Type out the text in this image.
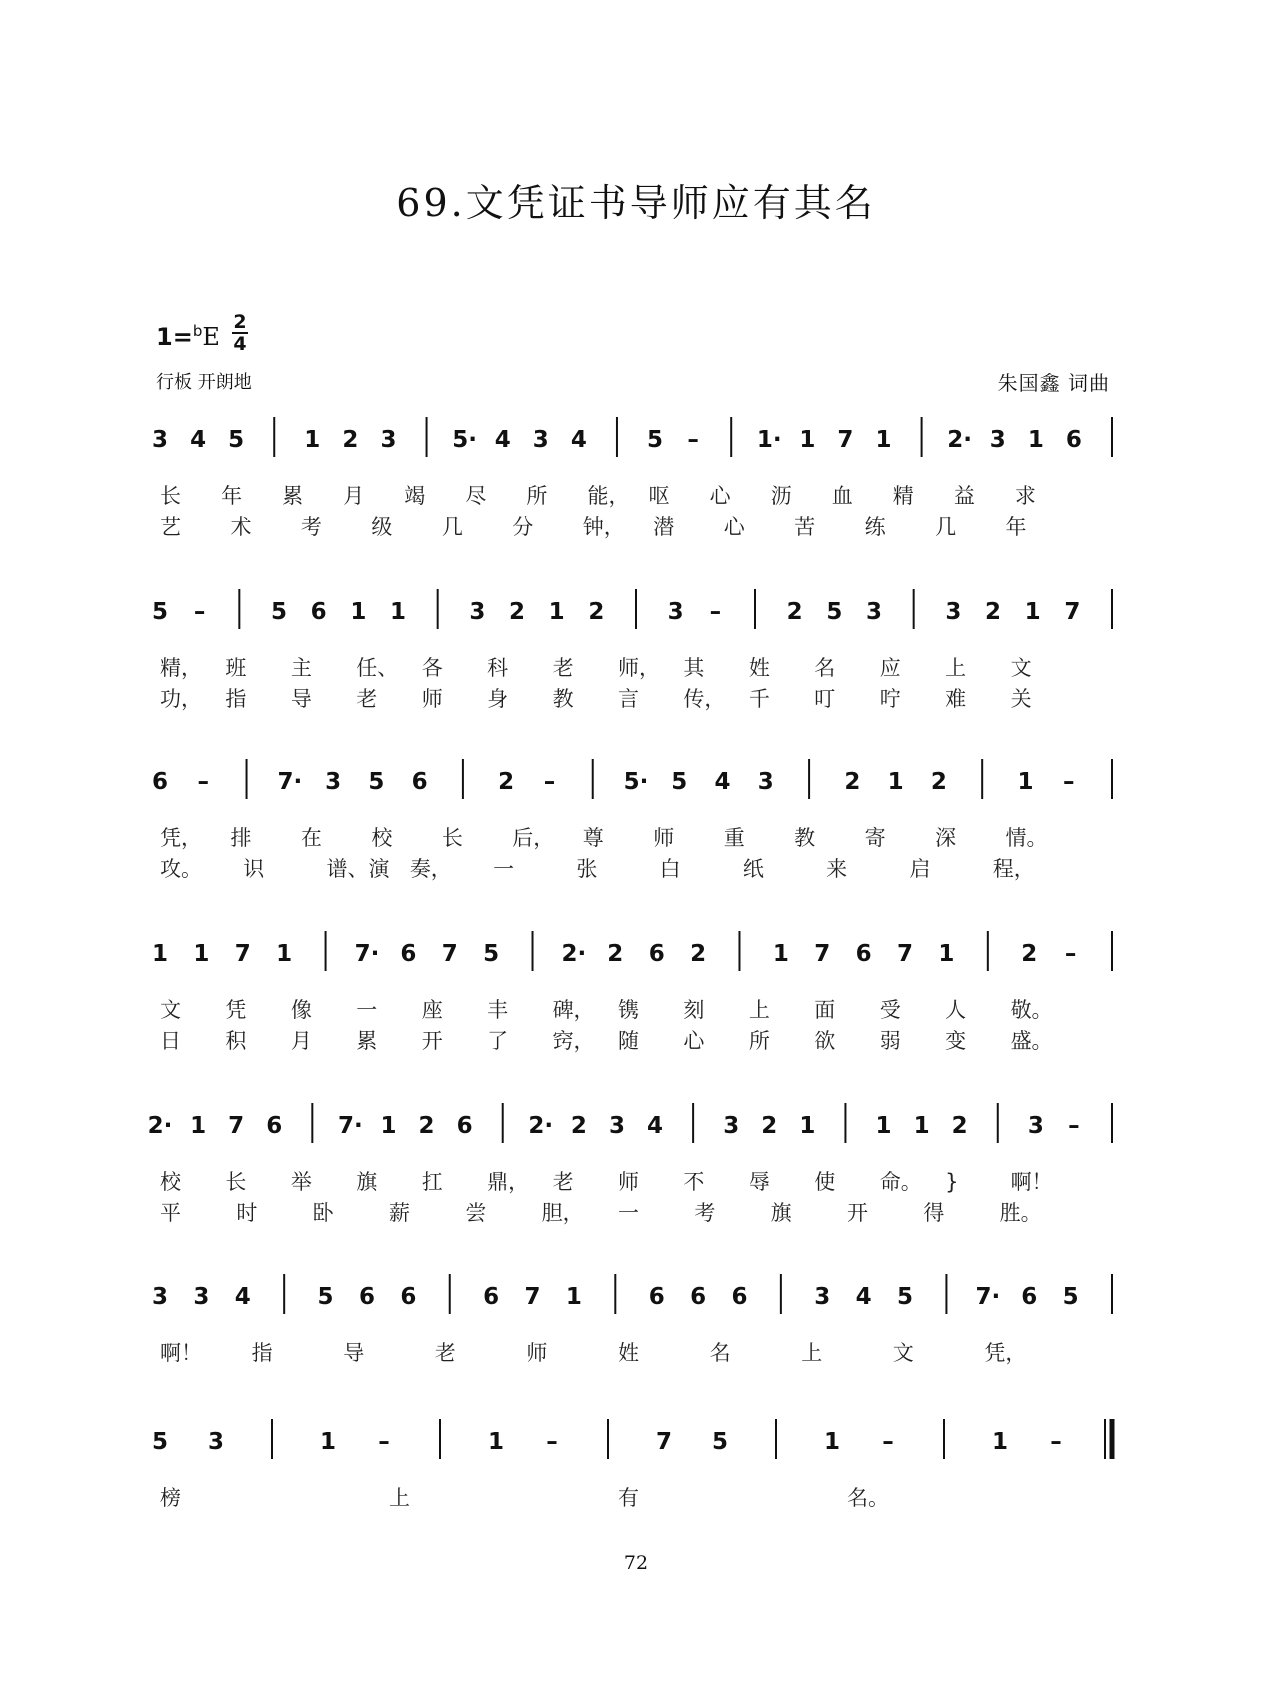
69.文凭证书导师应有其名
1=$^b$E
2
4
行板 开朗地	朱国鑫 词曲
3 4 5	1 2 3 5· 4 3 4	5 –	1· 1 7 1 2· 3 1 6
长 年 累 月 竭 尽 所 能， 呕 心 沥 血 精 益 求
艺 术 考 级 几 分 钟， 潜 心 苦 练 几 年
5 –	5 6 1 1	3 2 1 2	3 –	2 5 3	3 2 1 7
精， 班 主 任、 各 科 老 师， 其 姓 名 应 上 文
功， 指 导 老 师 身 教 言 传， 千 叮 咛 难 关
6 –	7· 3 5 6	2 –	5· 5 4 3	2 1 2	1 –
凭， 排 在 校 长 后， 尊 师 重 教 寄 深 情。
攻。 识	谱、演 奏， 一	张	白	纸	来	启	程，
1 1 7 1	7· 6 7 5	2· 2 6 2	1 7 6 7 1	2 –
文 凭 像 一 座 丰 碑， 镌 刻 上 面 受 人 敬。
日 积 月 累 开 了 窍， 随 心 所 欲 弱 变 盛。
2· 1 7 6 7· 1 2 6 2· 2 3 4	3 2 1	1 1 2	3 –
校 长 举 旗 扛 鼎， 老 师 不 辱 使 命。 } 啊！
平	时	卧	薪	尝	胆， 一	考	旗	开	得	胜。
3 3 4	5 6 6	6 7 1	6 6 6	3 4 5	7· 6 5
啊！ 指	导	老	师	姓	名	上	文	凭，
5 3	1 –	1 –	7 5	1 –	1 –
榜	上	有	名。
72
